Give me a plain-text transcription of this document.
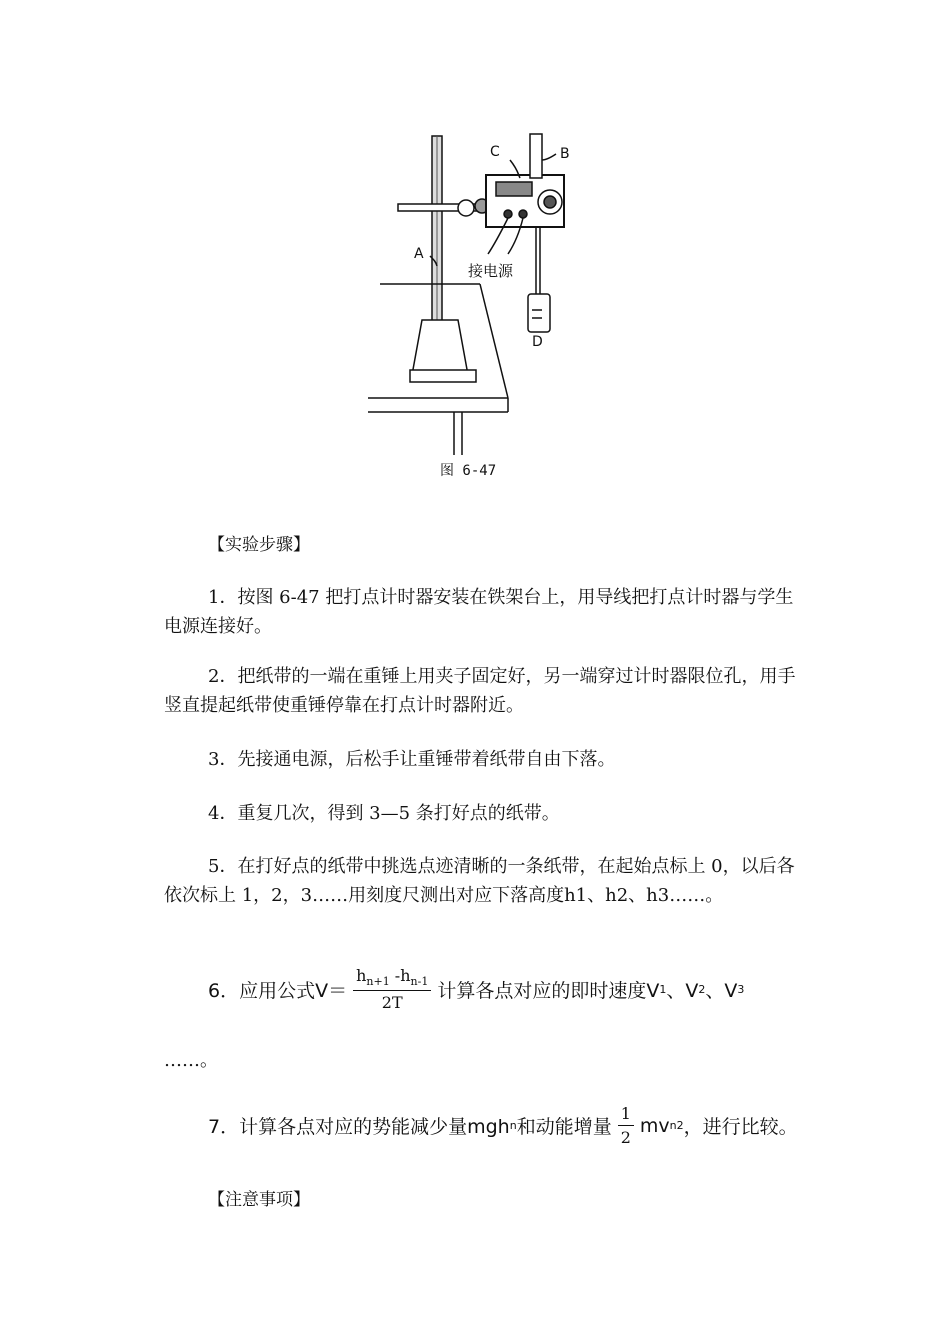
C	B
A
D
接电源
图 6-47

【实验步骤】

1．按图 6-47 把打点计时器安装在铁架台上，用导线把打点计时器与学生电源连接好。

2．把纸带的一端在重锤上用夹子固定好，另一端穿过计时器限位孔，用手竖直提起纸带使重锤停靠在打点计时器附近。

3．先接通电源，后松手让重锤带着纸带自由下落。

4．重复几次，得到 3—5 条打好点的纸带。

5．在打好点的纸带中挑选点迹清晰的一条纸带，在起始点标上 0，以后各依次标上 1，2，3……用刻度尺测出对应下落高度h1、h2、h3……。

6．应用公式$V= \frac{h_{n+1} -h_{n-1}}{2T}$ 计算各点对应的即时速度V 1 、V 2 、V 3

……。

7．计算各点对应的势能减少量mgh n 和动能增量 $\frac{1}{2}$ mv n 2 ，进行比较。

【注意事项】
